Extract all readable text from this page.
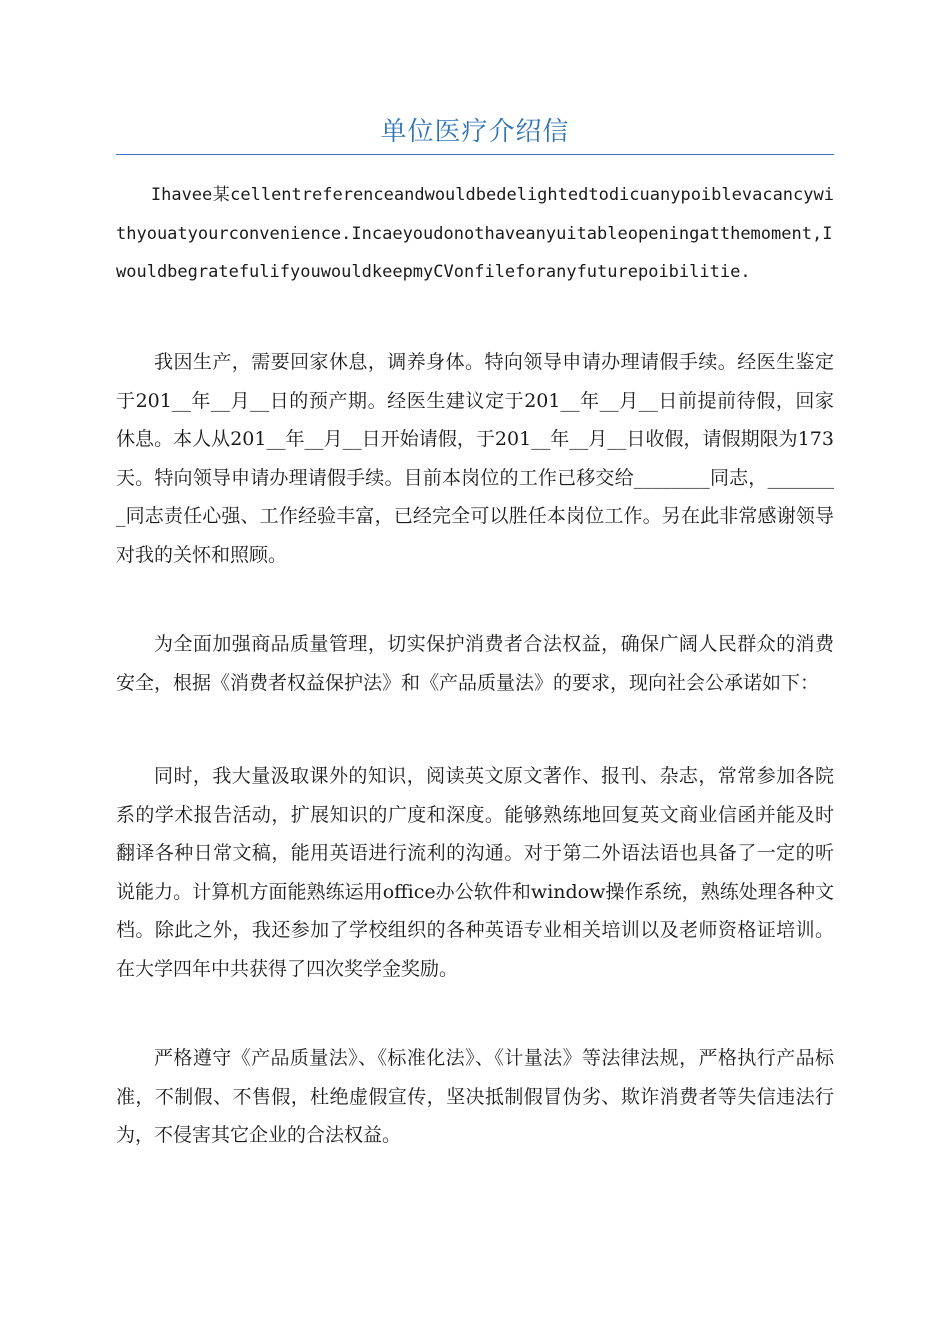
单位医疗介绍信

　　Ihavee某cellentreferenceandwouldbedelightedtodicuanypoiblevacancywithyouatyourconvenience.Incaeyoudonothaveanyuitableopeningatthemoment,IwouldbegratefulifyouwouldkeepmyCVonfileforanyfuturepoibilitie.

我因生产，需要回家休息，调养身体。特向领导申请办理请假手续。经医生鉴定于201__年__月__日的预产期。经医生建议定于201__年__月__日前提前待假，回家休息。本人从201__年__月__日开始请假，于201__年__月__日收假，请假期限为173天。特向领导申请办理请假手续。目前本岗位的工作已移交给________同志，________同志责任心强、工作经验丰富，已经完全可以胜任本岗位工作。另在此非常感谢领导对我的关怀和照顾。

为全面加强商品质量管理，切实保护消费者合法权益，确保广阔人民群众的消费安全，根据《消费者权益保护法》和《产品质量法》的要求，现向社会公承诺如下：

同时，我大量汲取课外的知识，阅读英文原文著作、报刊、杂志，常常参加各院系的学术报告活动，扩展知识的广度和深度。能够熟练地回复英文商业信函并能及时翻译各种日常文稿，能用英语进行流利的沟通。对于第二外语法语也具备了一定的听说能力。计算机方面能熟练运用office办公软件和window操作系统，熟练处理各种文档。除此之外，我还参加了学校组织的各种英语专业相关培训以及老师资格证培训。在大学四年中共获得了四次奖学金奖励。

严格遵守《产品质量法》、《标准化法》、《计量法》等法律法规，严格执行产品标准，不制假、不售假，杜绝虚假宣传，坚决抵制假冒伪劣、欺诈消费者等失信违法行为，不侵害其它企业的合法权益。
